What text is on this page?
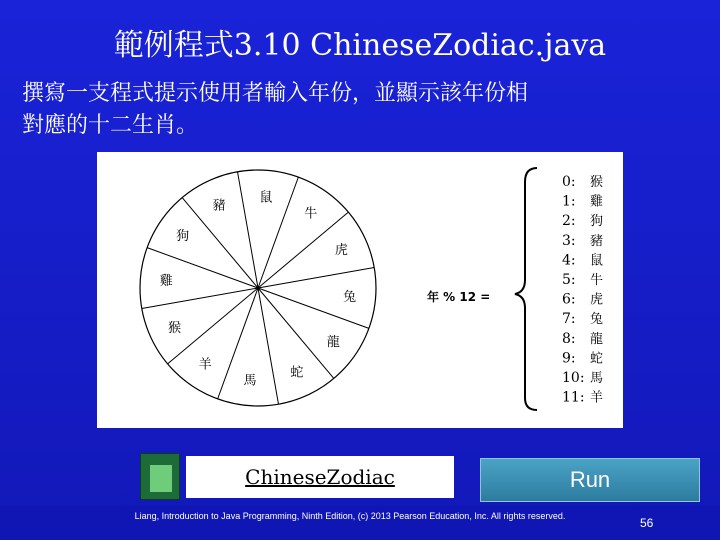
範例程式3.10 ChineseZodiac.java
撰寫一支程式提示使用者輸入年份，並顯示該年份相
對應的十二生肖。
鼠
牛
虎
兔
龍
蛇
馬
羊
猴
雞
狗
豬
年 % 12 =
0: 猴
1: 雞
2: 狗
3: 豬
4: 鼠
5: 牛
6: 虎
7: 兔
8: 龍
9: 蛇
10: 馬
11: 羊
ChineseZodiac	Run
Liang, Introduction to Java Programming, Ninth Edition, (c) 2013 Pearson Education, Inc. All rights reserved.	56
